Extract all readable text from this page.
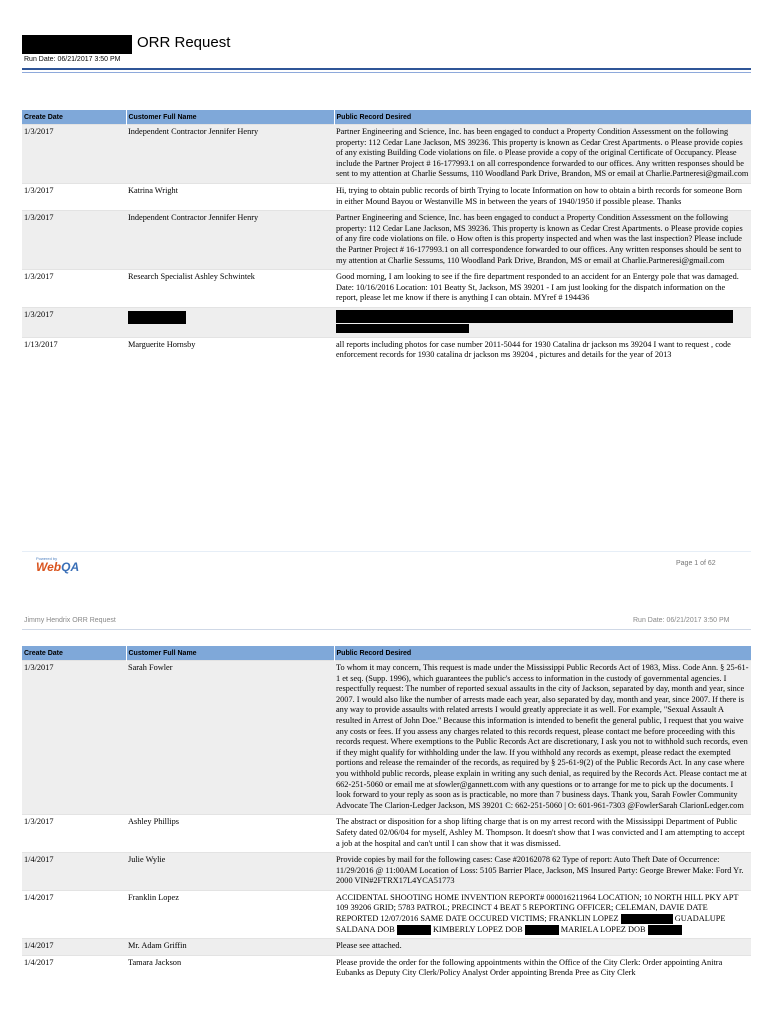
ORR Request
Run Date: 06/21/2017 3:50 PM
Create Date	Customer Full Name	Public Record Desired
1/3/2017	Independent Contractor Jennifer Henry	Partner Engineering and Science, Inc. has been engaged to conduct a Property Condition Assessment on the following property: 112 Cedar Lane Jackson, MS 39236. This property is known as Cedar Crest Apartments. o Please provide copies of any existing Building Code violations on file. o Please provide a copy of the original Certificate of Occupancy. Please include the Partner Project # 16-177993.1 on all correspondence forwarded to our offices. Any written responses should be sent to my attention at Charlie Sessums, 110 Woodland Park Drive, Brandon, MS or email at Charlie.Partneresi@gmail.com
1/3/2017	Katrina Wright	Hi, trying to obtain public records of birth Trying to locate Information on how to obtain a birth records for someone Born in either Mound Bayou or Westanville MS in between the years of 1940/1950 if possible please. Thanks
1/3/2017	Independent Contractor Jennifer Henry	Partner Engineering and Science, Inc. has been engaged to conduct a Property Condition Assessment on the following property: 112 Cedar Lane Jackson, MS 39236. This property is known as Cedar Crest Apartments. o Please provide copies of any fire code violations on file. o How often is this property inspected and when was the last inspection? Please include the Partner Project # 16-177993.1 on all correspondence forwarded to our offices. Any written responses should be sent to my attention at Charlie Sessums, 110 Woodland Park Drive, Brandon, MS or email at Charlie.Partneresi@gmail.com
1/3/2017	Research Specialist Ashley Schwintek	Good morning, I am looking to see if the fire department responded to an accident for an Entergy pole that was damaged. Date: 10/16/2016 Location: 101 Beatty St, Jackson, MS 39201 - I am just looking for the dispatch information on the report, please let me know if there is anything I can obtain. MYref # 194436
1/3/2017		

1/13/2017	Marguerite Hornsby	all reports including photos for case number 2011-5044 for 1930 Catalina dr jackson ms 39204 I want to request , code enforcement records for 1930 catalina dr jackson ms 39204 , pictures and details for the year of 2013
Powered by
WebQA	Page 1 of 62
Jimmy Hendrix ORR Request	Run Date: 06/21/2017 3:50 PM
Create Date	Customer Full Name	Public Record Desired
1/3/2017	Sarah Fowler	To whom it may concern, This request is made under the Mississippi Public Records Act of 1983, Miss. Code Ann. § 25-61-1 et seq. (Supp. 1996), which guarantees the public's access to information in the custody of governmental agencies. I respectfully request: The number of reported sexual assaults in the city of Jackson, separated by day, month and year, since 2007. I would also like the number of arrests made each year, also separated by day, month and year, since 2007. If there is any way to provide assaults with related arrests I would greatly appreciate it as well. For example, "Sexual Assault A resulted in Arrest of John Doe." Because this information is intended to benefit the general public, I request that you waive any costs or fees. If you assess any charges related to this records request, please contact me before proceeding with this records request. Where exemptions to the Public Records Act are discretionary, I ask you not to withhold such records, even if they might qualify for withholding under the law. If you withhold any records as exempt, please redact the exempted portions and release the remainder of the records, as required by § 25-61-9(2) of the Public Records Act. In any case where you withhold public records, please explain in writing any such denial, as required by the Records Act. Please contact me at 662-251-5060 or email me at sfowler@gannett.com with any questions or to arrange for me to pick up the documents. I look forward to your reply as soon as is practicable, no more than 7 business days. Thank you, Sarah Fowler Community Advocate The Clarion-Ledger Jackson, MS 39201 C: 662-251-5060 | O: 601-961-7303 @FowlerSarah ClarionLedger.com
1/3/2017	Ashley Phillips	The abstract or disposition for a shop lifting charge that is on my arrest record with the Mississippi Department of Public Safety dated 02/06/04 for myself, Ashley M. Thompson. It doesn't show that I was convicted and I am attempting to accept a job at the hospital and can't until I can show that it was dismissed.
1/4/2017	Julie Wylie	Provide copies by mail for the following cases: Case #20162078 62 Type of report: Auto Theft Date of Occurrence: 11/29/2016 @ 11:00AM Location of Loss: 5105 Barrier Place, Jackson, MS Insured Party: George Brewer Make: Ford Yr. 2000 VIN#2FTRX17L4YCA51773
1/4/2017	Franklin Lopez	ACCIDENTAL SHOOTING HOME INVENTION REPORT# 000016211964 LOCATION; 10 NORTH HILL PKY APT 109 39206 GRID; 5783 PATROL; PRECINCT 4 BEAT 5 REPORTING OFFICER; CELEMAN, DAVIE DATE REPORTED 12/07/2016 SAME DATE OCCURED VICTIMS; FRANKLIN LOPEZ GUADALUPE SALDANA DOB KIMBERLY LOPEZ DOB MARIELA LOPEZ DOB
1/4/2017	Mr. Adam Griffin	Please see attached.
1/4/2017	Tamara Jackson	Please provide the order for the following appointments within the Office of the City Clerk: Order appointing Anitra Eubanks as Deputy City Clerk/Policy Analyst Order appointing Brenda Pree as City Clerk
